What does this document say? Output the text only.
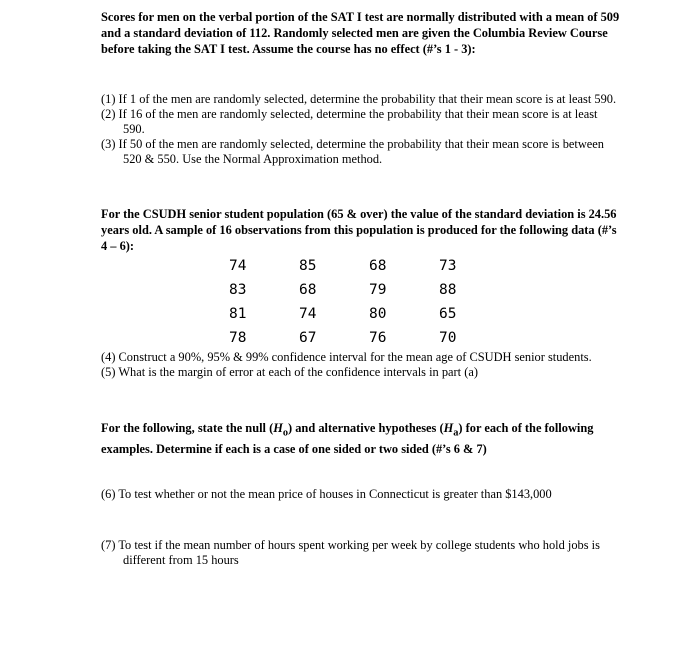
Scores for men on the verbal portion of the SAT I test are normally distributed with a mean of 509 and a standard deviation of 112. Randomly selected men are given the Columbia Review Course before taking the SAT I test. Assume the course has no effect (#’s 1 - 3):

(1) If 1 of the men are randomly selected, determine the probability that their mean score is at least 590.
(2) If 16 of the men are randomly selected, determine the probability that their mean score is at least 590.
(3) If 50 of the men are randomly selected, determine the probability that their mean score is between 520 & 550. Use the Normal Approximation method.

For the CSUDH senior student population (65 & over) the value of the standard deviation is 24.56 years old. A sample of 16 observations from this population is produced for the following data (#’s 4 – 6):

74	85	68	73
83	68	79	88
81	74	80	65
78	67	76	70
(4) Construct a 90%, 95% & 99% confidence interval for the mean age of CSUDH senior students.
(5) What is the margin of error at each of the confidence intervals in part (a)

For the following, state the null $(H_o)$ and alternative hypotheses $(H_a)$ for each of the following examples. Determine if each is a case of one sided or two sided (#’s 6 & 7)

(6) To test whether or not the mean price of houses in Connecticut is greater than $143,000
(7) To test if the mean number of hours spent working per week by college students who hold jobs is different from 15 hours
